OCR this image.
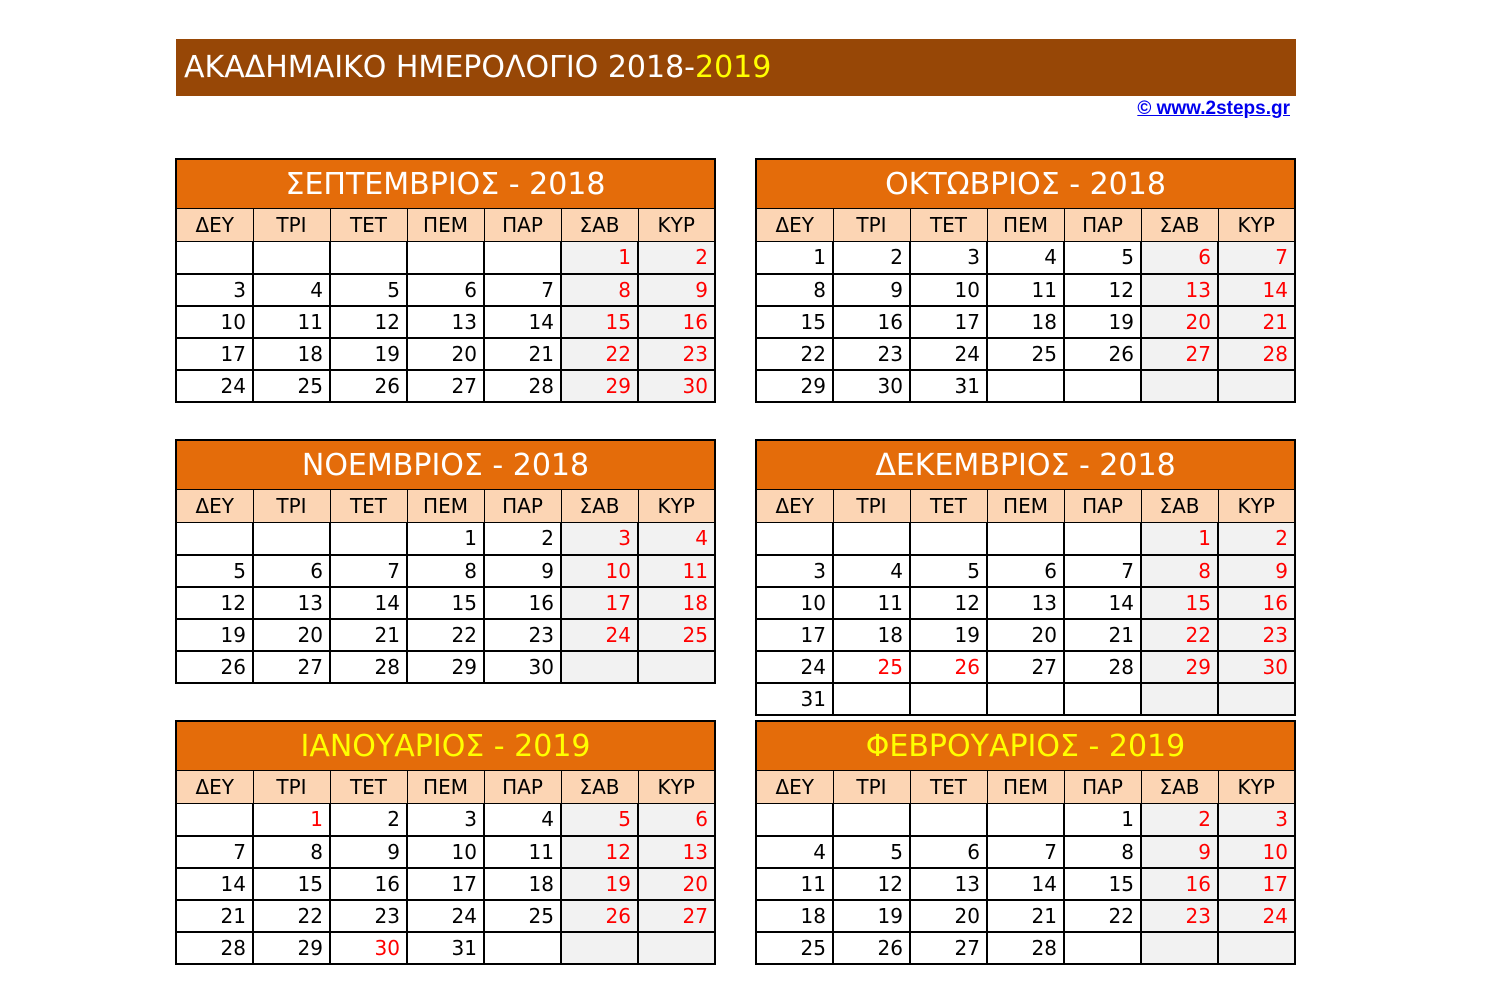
ΑΚΑΔΗΜΑΙΚΟ ΗΜΕΡΟΛΟΓΙΟ 2018 - 2019
© www.2steps.gr
ΣΕΠΤΕΜΒΡΙΟΣ - 2018						
ΔΕΥ	ΤΡΙ	ΤΕΤ	ΠΕΜ	ΠΑΡ	ΣΑΒ	ΚΥΡ
					1	2
3	4	5	6	7	8	9
10	11	12	13	14	15	16
17	18	19	20	21	22	23
24	25	26	27	28	29	30
ΟΚΤΩΒΡΙΟΣ - 2018						
ΔΕΥ	ΤΡΙ	ΤΕΤ	ΠΕΜ	ΠΑΡ	ΣΑΒ	ΚΥΡ
1	2	3	4	5	6	7
8	9	10	11	12	13	14
15	16	17	18	19	20	21
22	23	24	25	26	27	28
29	30	31				
ΝΟΕΜΒΡΙΟΣ - 2018						
ΔΕΥ	ΤΡΙ	ΤΕΤ	ΠΕΜ	ΠΑΡ	ΣΑΒ	ΚΥΡ
			1	2	3	4
5	6	7	8	9	10	11
12	13	14	15	16	17	18
19	20	21	22	23	24	25
26	27	28	29	30		
ΔΕΚΕΜΒΡΙΟΣ - 2018						
ΔΕΥ	ΤΡΙ	ΤΕΤ	ΠΕΜ	ΠΑΡ	ΣΑΒ	ΚΥΡ
					1	2
3	4	5	6	7	8	9
10	11	12	13	14	15	16
17	18	19	20	21	22	23
24	25	26	27	28	29	30
31						
ΙΑΝΟΥΑΡΙΟΣ - 2019						
ΔΕΥ	ΤΡΙ	ΤΕΤ	ΠΕΜ	ΠΑΡ	ΣΑΒ	ΚΥΡ
	1	2	3	4	5	6
7	8	9	10	11	12	13
14	15	16	17	18	19	20
21	22	23	24	25	26	27
28	29	30	31			
ΦΕΒΡΟΥΑΡΙΟΣ - 2019						
ΔΕΥ	ΤΡΙ	ΤΕΤ	ΠΕΜ	ΠΑΡ	ΣΑΒ	ΚΥΡ
				1	2	3
4	5	6	7	8	9	10
11	12	13	14	15	16	17
18	19	20	21	22	23	24
25	26	27	28			
